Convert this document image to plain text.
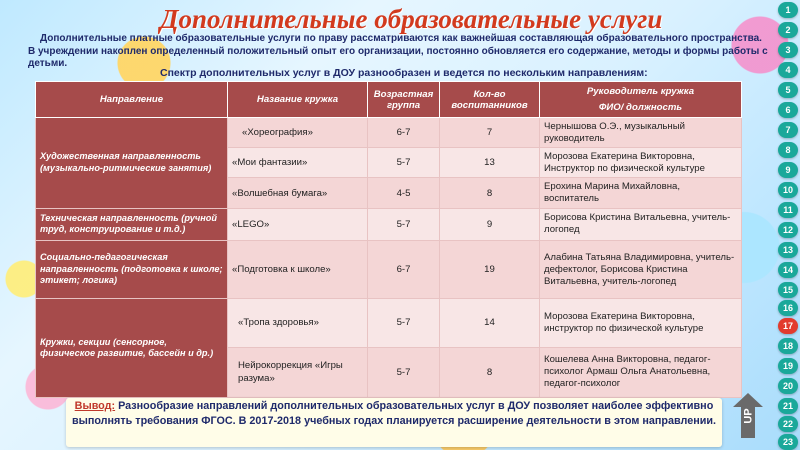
Дополнительные образовательные услуги
Дополнительные платные образовательные услуги по праву рассматриваются как важнейшая составляющая образовательного пространства.
В учреждении накоплен определенный положительный опыт его организации, постоянно обновляется его содержание, методы и формы работы с детьми.
Спектр дополнительных услуг в ДОУ разнообразен и ведется по нескольким направлениям:
Направление	Название кружка	Возрастная группа	Кол-во воспитанников	Руководитель кружка
ФИО/ должность

Художественная направленность (музыкально-ритмические занятия)	«Хореография»	6-7	7	Чернышова О.Э., музыкальный руководитель
	«Мои фантазии»	5-7	13	Морозова Екатерина Викторовна, Инструктор по физической культуре
	«Волшебная бумага»	4-5	8	Ерохина Марина Михайловна, воспитатель
Техническая направленность (ручной труд, конструирование и т.д.)	«LEGO»	5-7	9	Борисова Кристина Витальевна, учитель-логопед
Социально-педагогическая направленность (подготовка к школе; этикет; логика)	«Подготовка к школе»	6-7	19	Алабина Татьяна Владимировна, учитель-дефектолог, Борисова Кристина Витальевна, учитель-логопед
Кружки, секции (сенсорное, физическое развитие, бассейн и др.)	«Тропа здоровья»	5-7	14	Морозова Екатерина Викторовна, инструктор по физической культуре
	Нейрокоррекция «Игры разума»	5-7	8	Кошелева Анна Викторовна, педагог-психолог Армаш Ольга Анатольевна, педагог-психолог
Вывод: Разнообразие направлений дополнительных образовательных услуг в ДОУ позволяет наиболее эффективно выполнять требования ФГОС. В 2017-2018 учебных годах планируется расширение деятельности в этом направлении.	UP
1
2
3
4
5
6
7
8
9
10
11
12
13
14
15
16
17
18
19
20
21
22
23
